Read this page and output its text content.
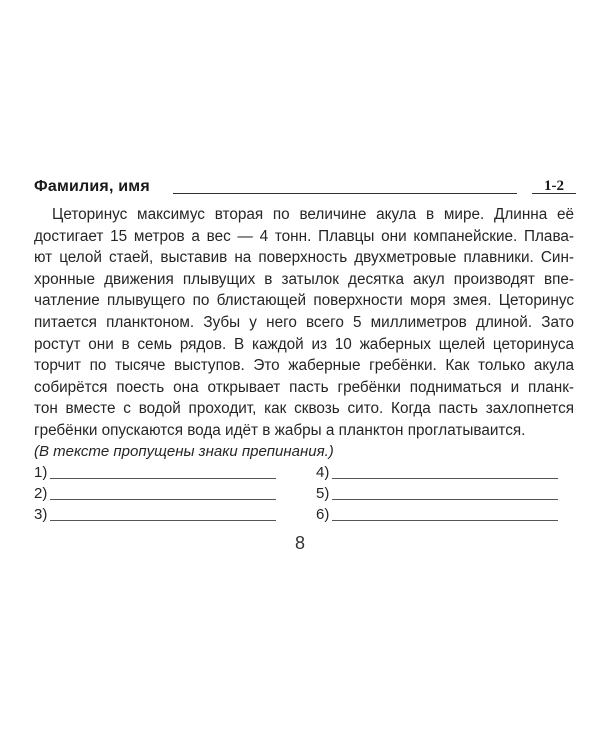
Фамилия, имя	1-2
Цеторинус максимус вторая по величине акула в мире. Длинна её
достигает 15 метров а вес — 4 тонн. Плавцы они компанейские. Плава-
ют целой стаей, выставив на поверхность двухметровые плавники. Син-
хронные движения плывущих в затылок десятка акул производят впе-
чатление плывущего по блистающей поверхности моря змея. Цеторинус
питается планктоном. Зубы у него всего 5 миллиметров длиной. Зато
ростут они в семь рядов. В каждой из 10 жаберных щелей цеторинуса
торчит по тысяче выступов. Это жаберные гребёнки. Как только акула
собирётся поесть она открывает пасть гребёнки подниматься и планк-
тон вместе с водой проходит, как сквозь сито. Когда пасть захлопнется
гребёнки опускаются вода идёт в жабры а планктон проглатываится.
(В тексте пропущены знаки препинания.)
1)
2)
3)
4)
5)
6)
8
